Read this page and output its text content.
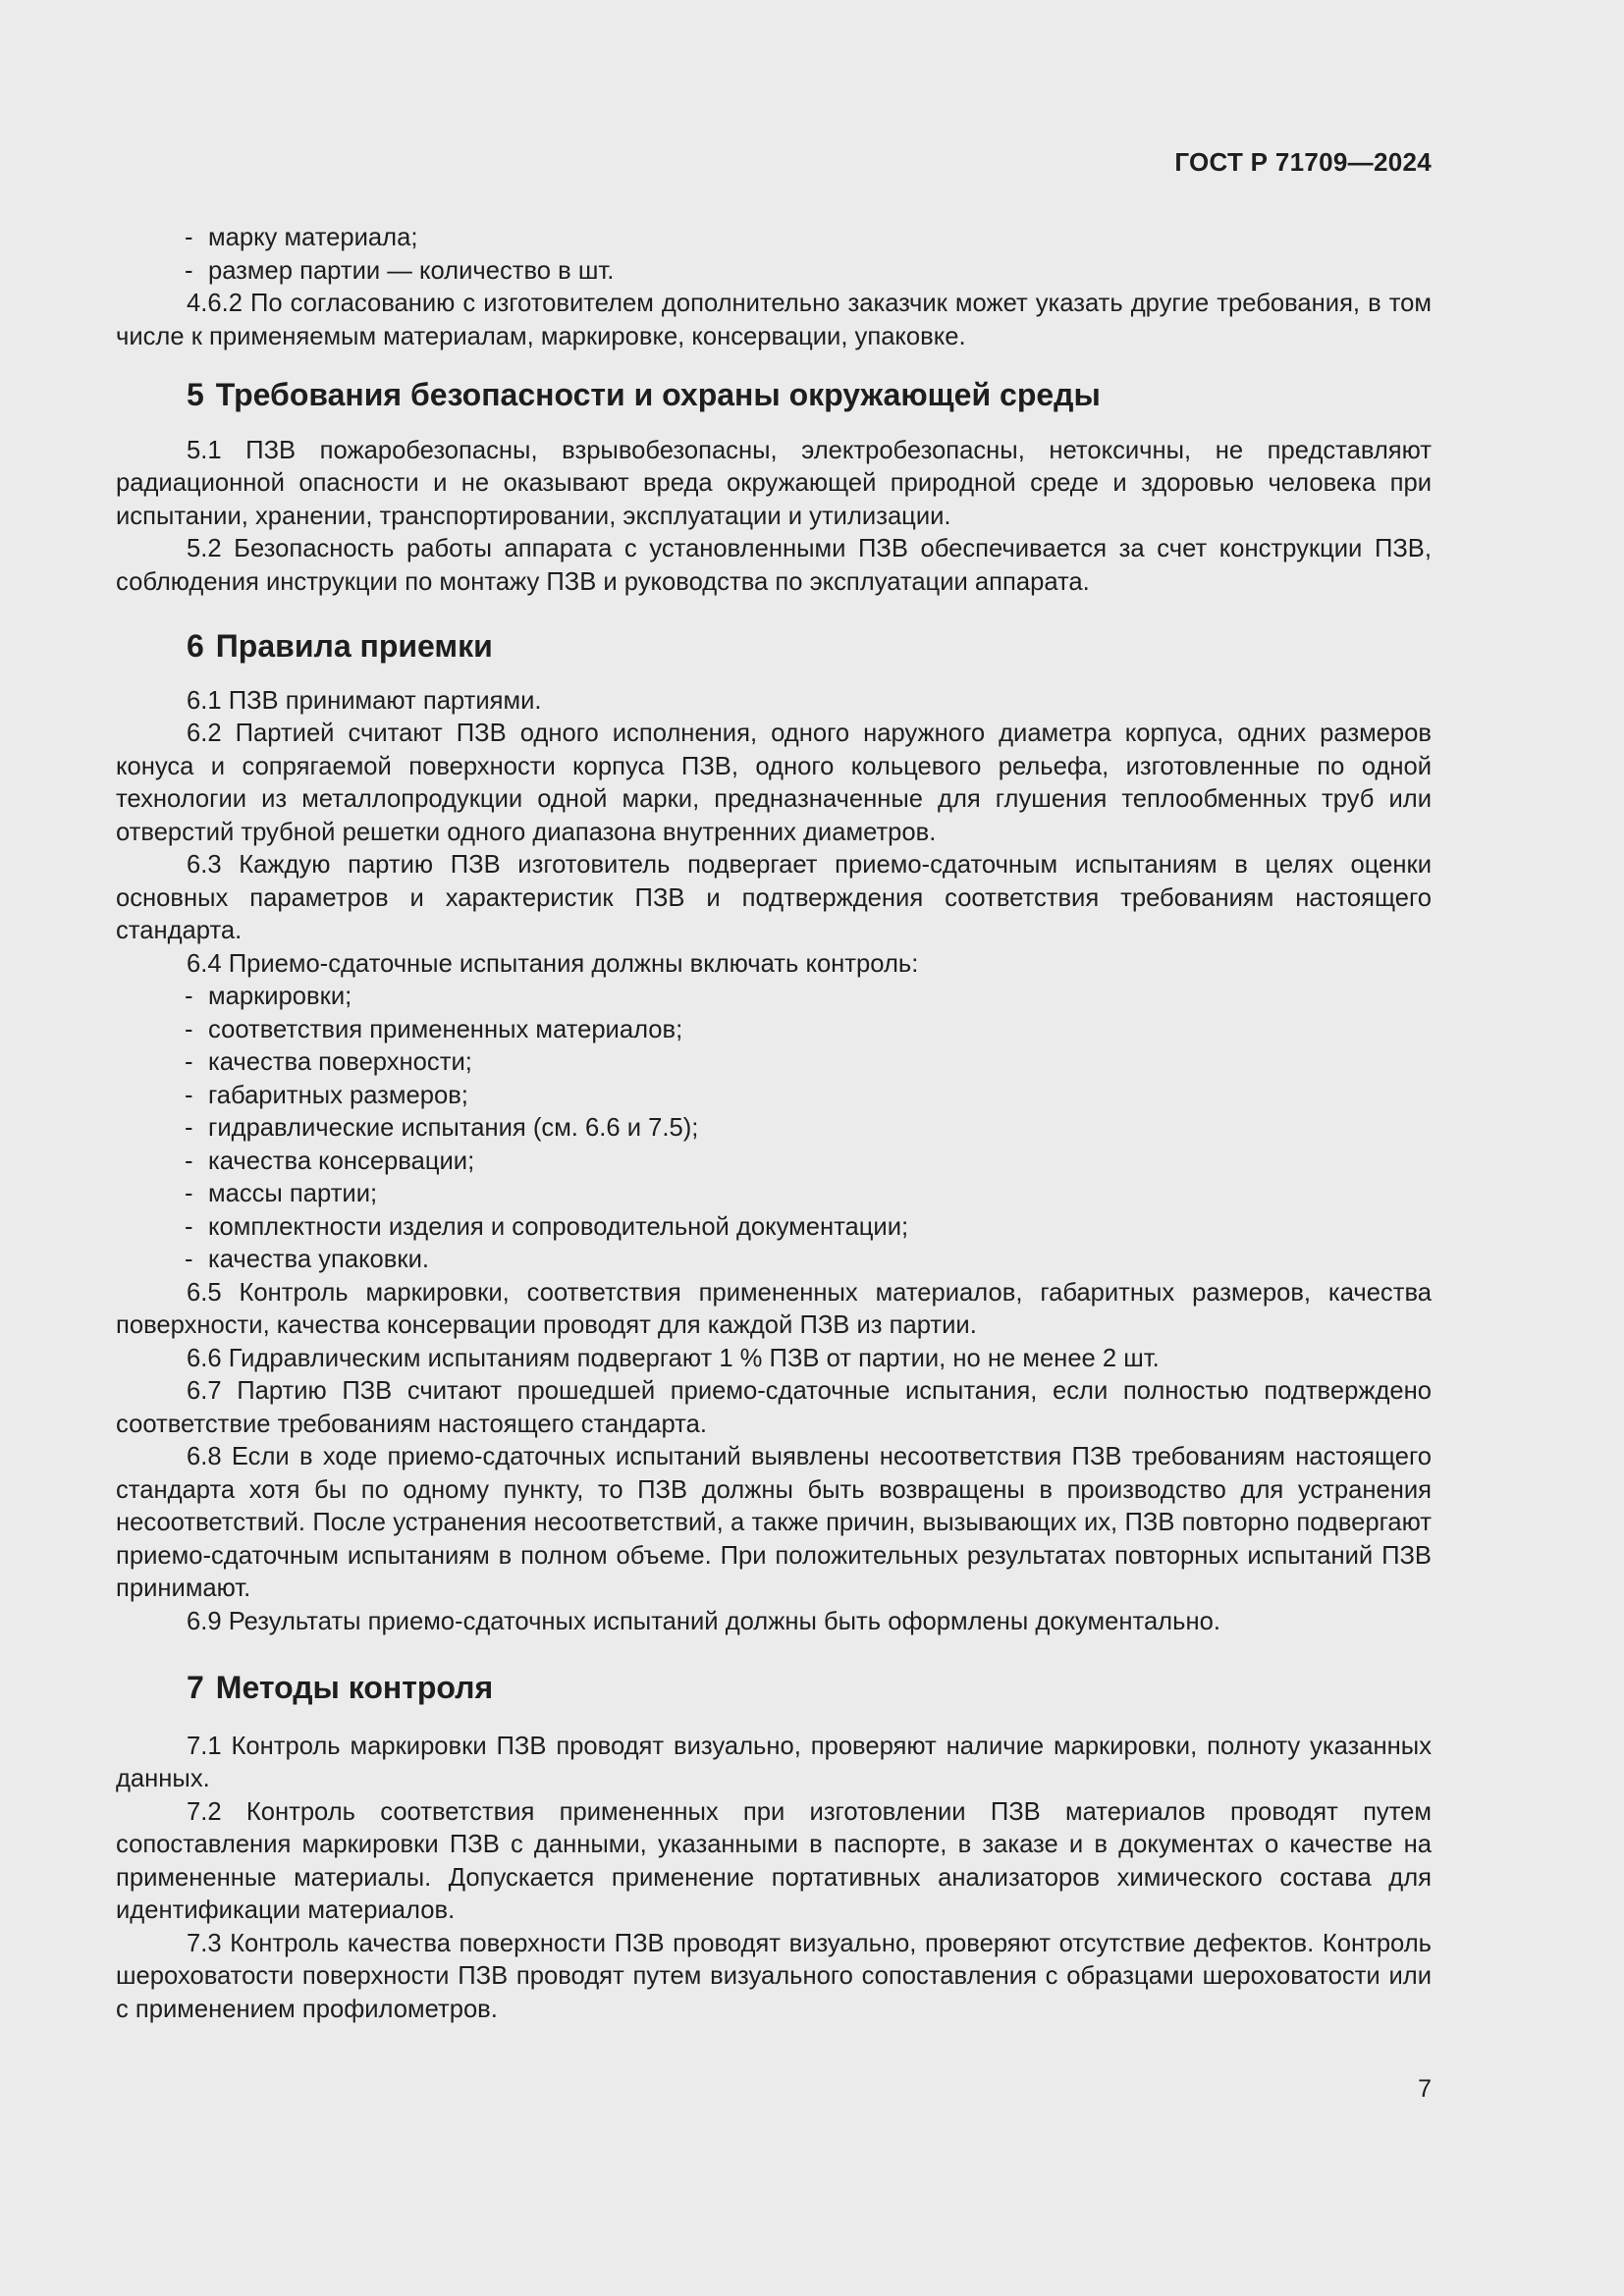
ГОСТ Р 71709—2024

- марку материала;

- размер партии — количество в шт.

4.6.2 По согласованию с изготовителем дополнительно заказчик может указать другие требования, в том числе к применяемым материалам, маркировке, консервации, упаковке.

5 Требования безопасности и охраны окружающей среды

5.1 ПЗВ пожаробезопасны, взрывобезопасны, электробезопасны, нетоксичны, не представляют радиационной опасности и не оказывают вреда окружающей природной среде и здоровью человека при испытании, хранении, транспортировании, эксплуатации и утилизации.

5.2 Безопасность работы аппарата с установленными ПЗВ обеспечивается за счет конструкции ПЗВ, соблюдения инструкции по монтажу ПЗВ и руководства по эксплуатации аппарата.

6 Правила приемки

6.1 ПЗВ принимают партиями.

6.2 Партией считают ПЗВ одного исполнения, одного наружного диаметра корпуса, одних размеров конуса и сопрягаемой поверхности корпуса ПЗВ, одного кольцевого рельефа, изготовленные по одной технологии из металлопродукции одной марки, предназначенные для глушения теплообменных труб или отверстий трубной решетки одного диапазона внутренних диаметров.

6.3 Каждую партию ПЗВ изготовитель подвергает приемо-сдаточным испытаниям в целях оценки основных параметров и характеристик ПЗВ и подтверждения соответствия требованиям настоящего стандарта.

6.4 Приемо-сдаточные испытания должны включать контроль:

- маркировки;

- соответствия примененных материалов;

- качества поверхности;

- габаритных размеров;

- гидравлические испытания (см. 6.6 и 7.5);

- качества консервации;

- массы партии;

- комплектности изделия и сопроводительной документации;

- качества упаковки.

6.5 Контроль маркировки, соответствия примененных материалов, габаритных размеров, качества поверхности, качества консервации проводят для каждой ПЗВ из партии.

6.6 Гидравлическим испытаниям подвергают 1 % ПЗВ от партии, но не менее 2 шт.

6.7 Партию ПЗВ считают прошедшей приемо-сдаточные испытания, если полностью подтверждено соответствие требованиям настоящего стандарта.

6.8 Если в ходе приемо-сдаточных испытаний выявлены несоответствия ПЗВ требованиям настоящего стандарта хотя бы по одному пункту, то ПЗВ должны быть возвращены в производство для устранения несоответствий. После устранения несоответствий, а также причин, вызывающих их, ПЗВ повторно подвергают приемо-сдаточным испытаниям в полном объеме. При положительных результатах повторных испытаний ПЗВ принимают.

6.9 Результаты приемо-сдаточных испытаний должны быть оформлены документально.

7 Методы контроля

7.1 Контроль маркировки ПЗВ проводят визуально, проверяют наличие маркировки, полноту указанных данных.

7.2 Контроль соответствия примененных при изготовлении ПЗВ материалов проводят путем сопоставления маркировки ПЗВ с данными, указанными в паспорте, в заказе и в документах о качестве на примененные материалы. Допускается применение портативных анализаторов химического состава для идентификации материалов.

7.3 Контроль качества поверхности ПЗВ проводят визуально, проверяют отсутствие дефектов. Контроль шероховатости поверхности ПЗВ проводят путем визуального сопоставления с образцами шероховатости или с применением профилометров.

7
